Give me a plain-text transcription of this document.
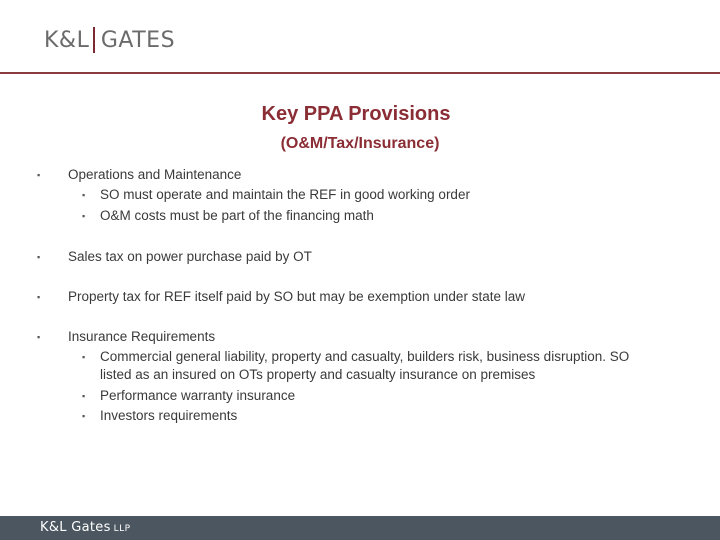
K&L GATES
Key PPA Provisions
(O&M/Tax/Insurance)
▪ Operations and Maintenance
▪ SO must operate and maintain the REF in good working order
▪ O&M costs must be part of the financing math
▪ Sales tax on power purchase paid by OT
▪ Property tax for REF itself paid by SO but may be exemption under state law
▪ Insurance Requirements
▪ Commercial general liability, property and casualty, builders risk, business disruption. SO listed as an insured on OTs property and casualty insurance on premises
▪ Performance warranty insurance
▪ Investors requirements
K&L Gates LLP
